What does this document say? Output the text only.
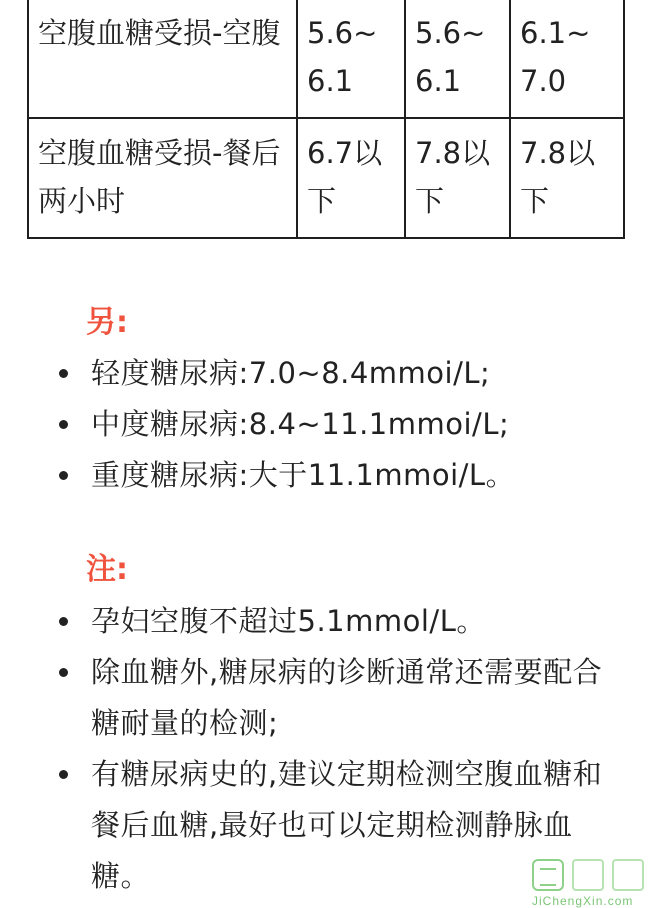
空腹血糖受损-空腹	5.6~6.1	5.6~6.1	6.1~7.0
空腹血糖受损-餐后两小时	6.7以下	7.8以下	7.8以下
另:
轻度糖尿病:7.0~8.4mmoi/L;
中度糖尿病:8.4~11.1mmoi/L;
重度糖尿病:大于11.1mmoi/L。
注:
孕妇空腹不超过5.1mmol/L。
除血糖外,糖尿病的诊断通常还需要配合糖耐量的检测;
有糖尿病史的,建议定期检测空腹血糖和餐后血糖,最好也可以定期检测静脉血糖。
JiChengXin.com
